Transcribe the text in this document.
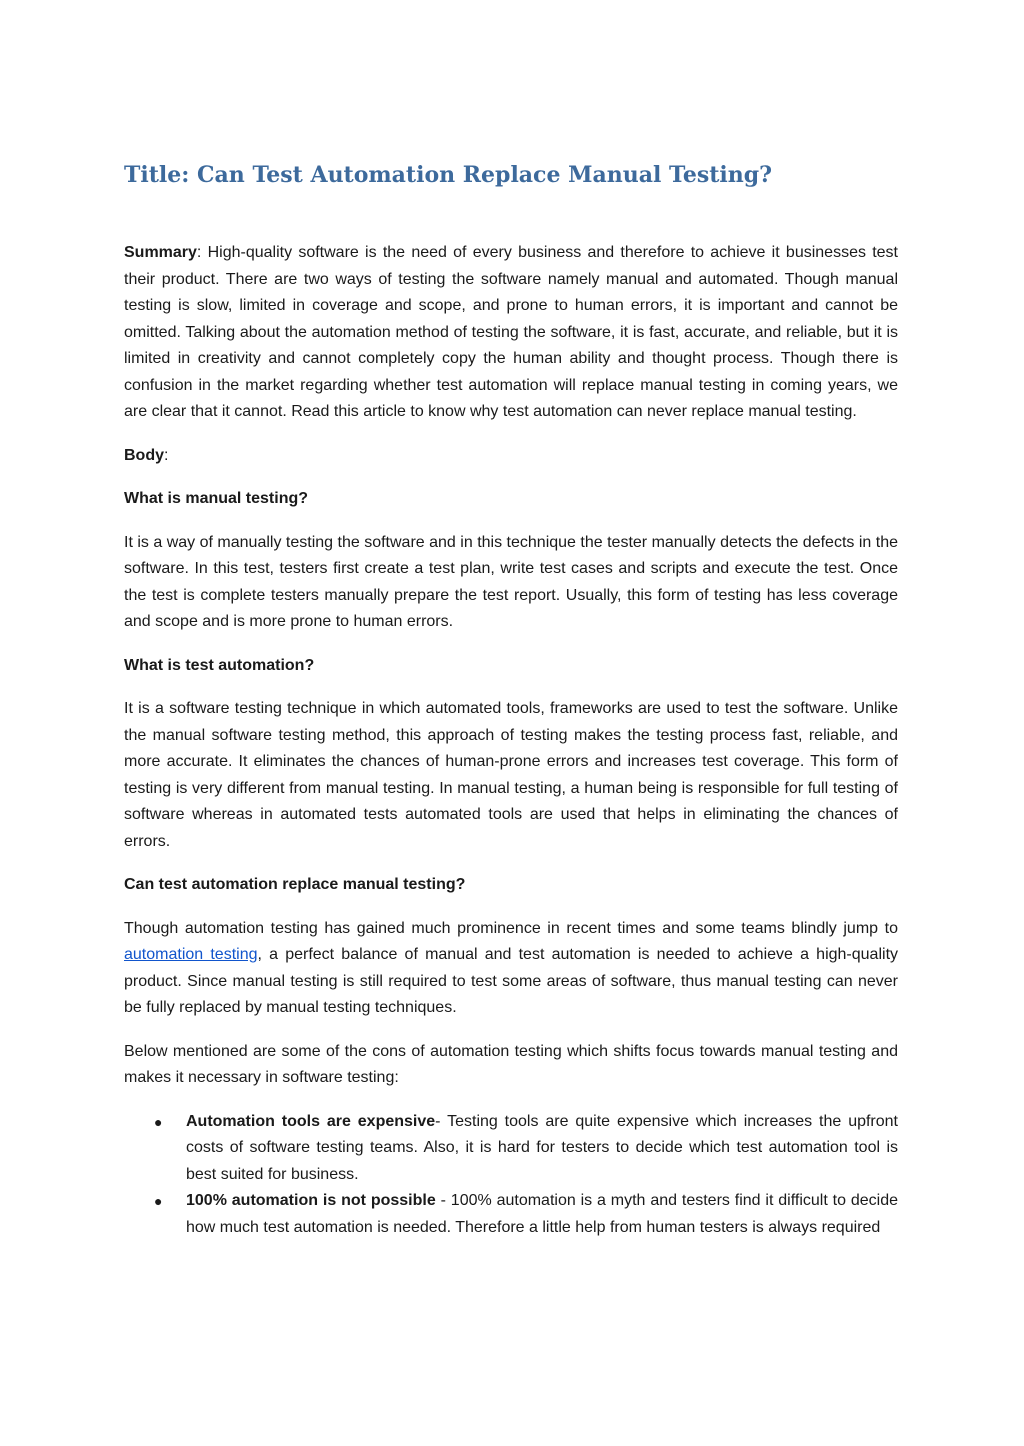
Title: Can Test Automation Replace Manual Testing?

Summary: High-quality software is the need of every business and therefore to achieve it businesses test their product. There are two ways of testing the software namely manual and automated. Though manual testing is slow, limited in coverage and scope, and prone to human errors, it is important and cannot be omitted. Talking about the automation method of testing the software, it is fast, accurate, and reliable, but it is limited in creativity and cannot completely copy the human ability and thought process. Though there is confusion in the market regarding whether test automation will replace manual testing in coming years, we are clear that it cannot. Read this article to know why test automation can never replace manual testing.

Body:

What is manual testing?

It is a way of manually testing the software and in this technique the tester manually detects the defects in the software. In this test, testers first create a test plan, write test cases and scripts and execute the test. Once the test is complete testers manually prepare the test report. Usually, this form of testing has less coverage and scope and is more prone to human errors.

What is test automation?

It is a software testing technique in which automated tools, frameworks are used to test the software. Unlike the manual software testing method, this approach of testing makes the testing process fast, reliable, and more accurate. It eliminates the chances of human-prone errors and increases test coverage. This form of testing is very different from manual testing. In manual testing, a human being is responsible for full testing of software whereas in automated tests automated tools are used that helps in eliminating the chances of errors.

Can test automation replace manual testing?

Though automation testing has gained much prominence in recent times and some teams blindly jump to automation testing, a perfect balance of manual and test automation is needed to achieve a high-quality product. Since manual testing is still required to test some areas of software, thus manual testing can never be fully replaced by manual testing techniques.

Below mentioned are some of the cons of automation testing which shifts focus towards manual testing and makes it necessary in software testing:

● Automation tools are expensive- Testing tools are quite expensive which increases the upfront costs of software testing teams. Also, it is hard for testers to decide which test automation tool is best suited for business.
● 100% automation is not possible - 100% automation is a myth and testers find it difficult to decide how much test automation is needed. Therefore a little help from human testers is always required
